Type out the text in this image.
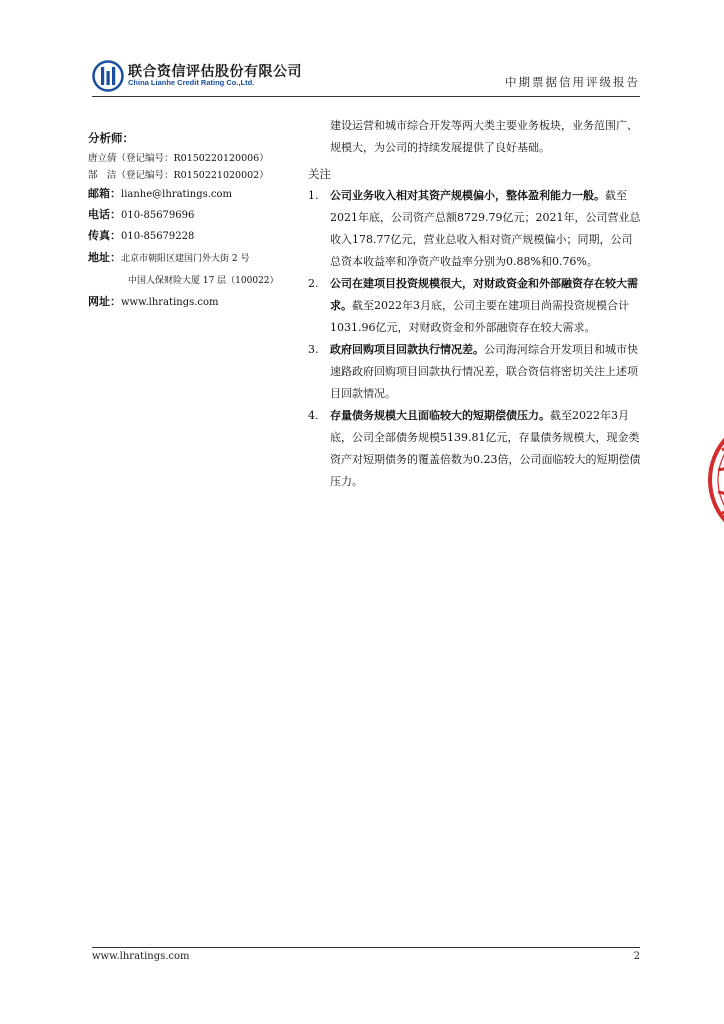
联合资信评估股份有限公司
China Lianhe Credit Rating Co.,Ltd.	中期票据信用评级报告
分析师：
唐立倩（登记编号：R0150220120006）
郜　洁（登记编号：R0150221020002）
邮箱：lianhe@lhratings.com
电话：010-85679696
传真：010-85679228
地址：北京市朝阳区建国门外大街 2 号
中国人保财险大厦 17 层（100022）
网址：www.lhratings.com
建设运营和城市综合开发等两大类主要业务板块，业务范围广、规模大，为公司的持续发展提供了良好基础。
关注
1.	公司业务收入相对其资产规模偏小，整体盈利能力一般。截至2021年底，公司资产总额8729.79亿元；2021年，公司营业总收入178.77亿元，营业总收入相对资产规模偏小；同期，公司总资本收益率和净资产收益率分别为0.88%和0.76%。
2.	公司在建项目投资规模很大，对财政资金和外部融资存在较大需求。截至2022年3月底，公司主要在建项目尚需投资规模合计1031.96亿元，对财政资金和外部融资存在较大需求。
3.	政府回购项目回款执行情况差。公司海河综合开发项目和城市快速路政府回购项目回款执行情况差，联合资信将密切关注上述项目回款情况。
4.	存量债务规模大且面临较大的短期偿债压力。截至2022年3月底，公司全部债务规模5139.81亿元，存量债务规模大，现金类资产对短期债务的覆盖倍数为0.23倍，公司面临较大的短期偿债压力。
www.lhratings.com	2
